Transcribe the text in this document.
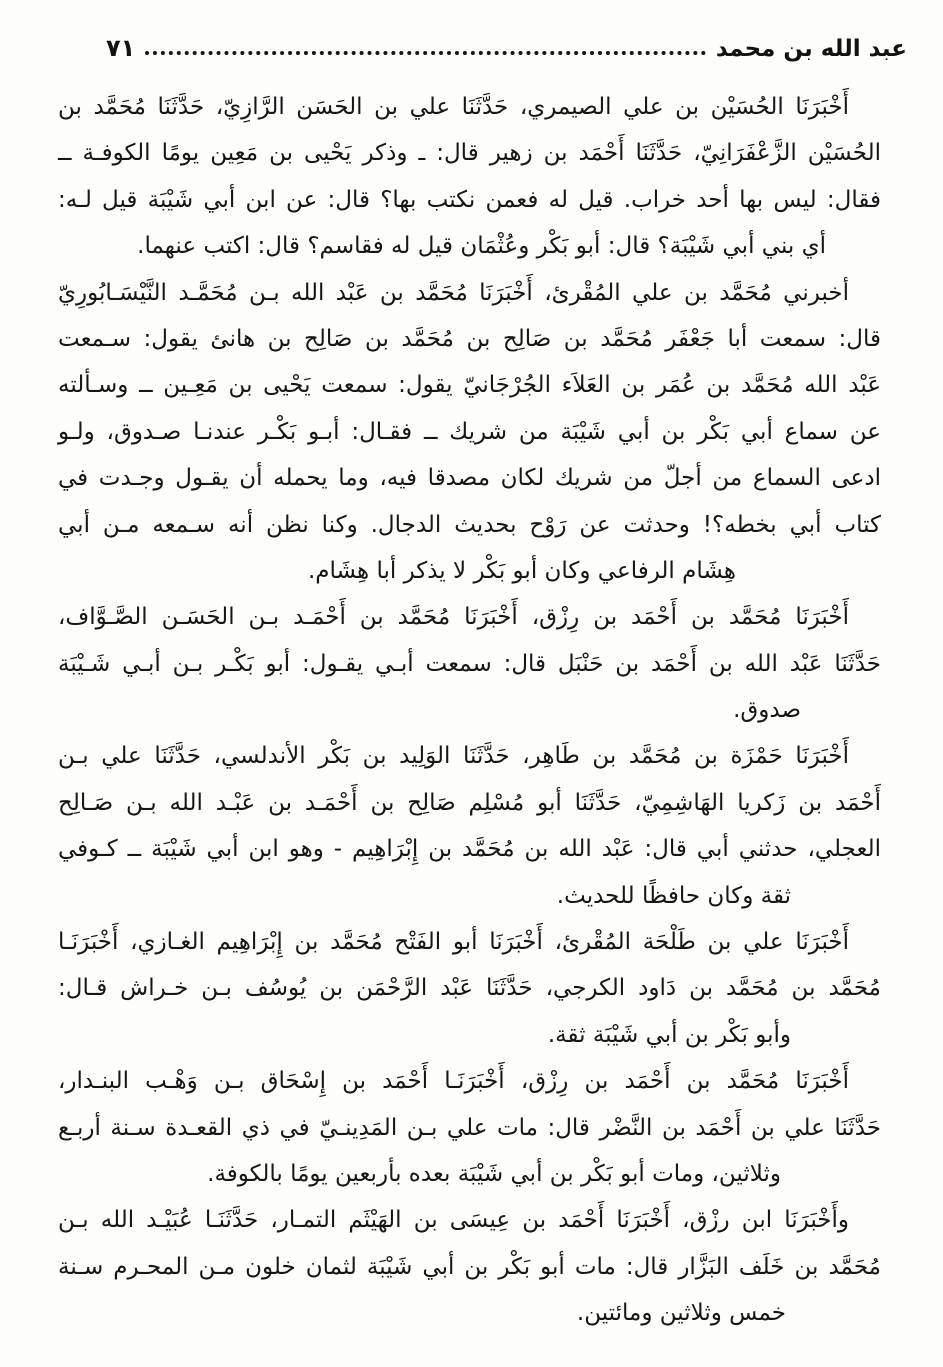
عبد الله بن محمد
٧١
أَخْبَرَنَا الحُسَيْن بن علي الصيمري، حَدَّثَنَا علي بن الحَسَن الرَّازِيّ، حَدَّثَنَا مُحَمَّد بن
الحُسَيْن الزَّعْفَرَانِيّ، حَدَّثَنَا أَحْمَد بن زهير قال: ـ وذكر يَحْيى بن مَعِين يومًا الكوفـة ــ
فقال: ليس بها أحد خراب. قيل له فعمن نكتب بها؟ قال: عن ابن أبي شَيْبَة قيل لـه:
أي بني أبي شَيْبَة؟ قال: أبو بَكْر وعُثْمَان قيل له فقاسم؟ قال: اكتب عنهما.
أخبرني مُحَمَّد بن علي المُقْرئ، أَخْبَرَنَا مُحَمَّد بن عَبْد الله بـن مُحَمَّـد النَّيْسَـابُورِيّ
قال: سمعت أبا جَعْفَر مُحَمَّد بن صَالِح بن مُحَمَّد بن صَالِح بن هانئ يقول: سـمعت
عَبْد الله مُحَمَّد بن عُمَر بن العَلاَء الجُرْجَانيّ يقول: سمعت يَحْيى بن مَعِـين ــ وسـألته
عن سماع أبي بَكْر بن أبي شَيْبَة من شريك ــ فقـال: أبـو بَكْـر عندنـا صـدوق، ولـو
ادعى السماع من أجلّ من شريك لكان مصدقا فيه، وما يحمله أن يقـول وجـدت في
كتاب أبي بخطه؟! وحدثت عن رَوْح بحديث الدجال. وكنا نظن أنه سـمعه مـن أبي
هِشَام الرفاعي وكان أبو بَكْر لا يذكر أبا هِشَام.
أَخْبَرَنَا مُحَمَّد بن أَحْمَد بن رِزْق، أَخْبَرَنَا مُحَمَّد بن أَحْمَـد بـن الحَسَـن الصَّـوَّاف،
حَدَّثَنَا عَبْد الله بن أَحْمَد بن حَنْبَل قال: سمعت أبـي يقـول: أبو بَكْـر بـن أبـي شَـيْبَة
صدوق.
أَخْبَرَنَا حَمْزَة بن مُحَمَّد بن طَاهِر، حَدَّثَنَا الوَلِيد بن بَكْر الأندلسي، حَدَّثَنَا علي بـن
أَحْمَد بن زَكريا الهَاشِمِيّ، حَدَّثَنَا أبو مُسْلِم صَالِح بن أَحْمَـد بن عَبْـد الله بـن صَـالِح
العجلي، حدثني أبي قال: عَبْد الله بن مُحَمَّد بن إِبْرَاهِيم - وهو ابن أبي شَيْبَة ــ كـوفي
ثقة وكان حافظًا للحديث.
أَخْبَرَنَا علي بن طَلْحَة المُقْرئ، أَخْبَرَنَا أبو الفَتْح مُحَمَّد بن إِبْرَاهِيم الغـازي، أَخْبَرَنَـا
مُحَمَّد بن مُحَمَّد بن دَاود الكرجي، حَدَّثَنَا عَبْد الرَّحْمَن بن يُوسُف بـن خـراش قـال:
وأبو بَكْر بن أبي شَيْبَة ثقة.
أَخْبَرَنَا مُحَمَّد بن أَحْمَد بن رِزْق، أَخْبَرَنَـا أَحْمَد بن إِسْحَاق بـن وَهْـب البنـدار،
حَدَّثَنَا علي بن أَحْمَد بن النَّضْر قال: مات علي بـن المَدِينـيّ في ذي القعـدة سـنة أربـع
وثلاثين، ومات أبو بَكْر بن أبي شَيْبَة بعده بأربعين يومًا بالكوفة.
وأَخْبَرَنَا ابن رزْق، أَخْبَرَنَا أَحْمَد بن عِيسَى بن الهَيْثَم التمـار، حَدَّثَنَـا عُبَيْـد الله بـن
مُحَمَّد بن خَلَف البَزَّار قال: مات أبو بَكْر بن أبي شَيْبَة لثمان خلون مـن المحـرم سـنة
خمس وثلاثين ومائتين.
